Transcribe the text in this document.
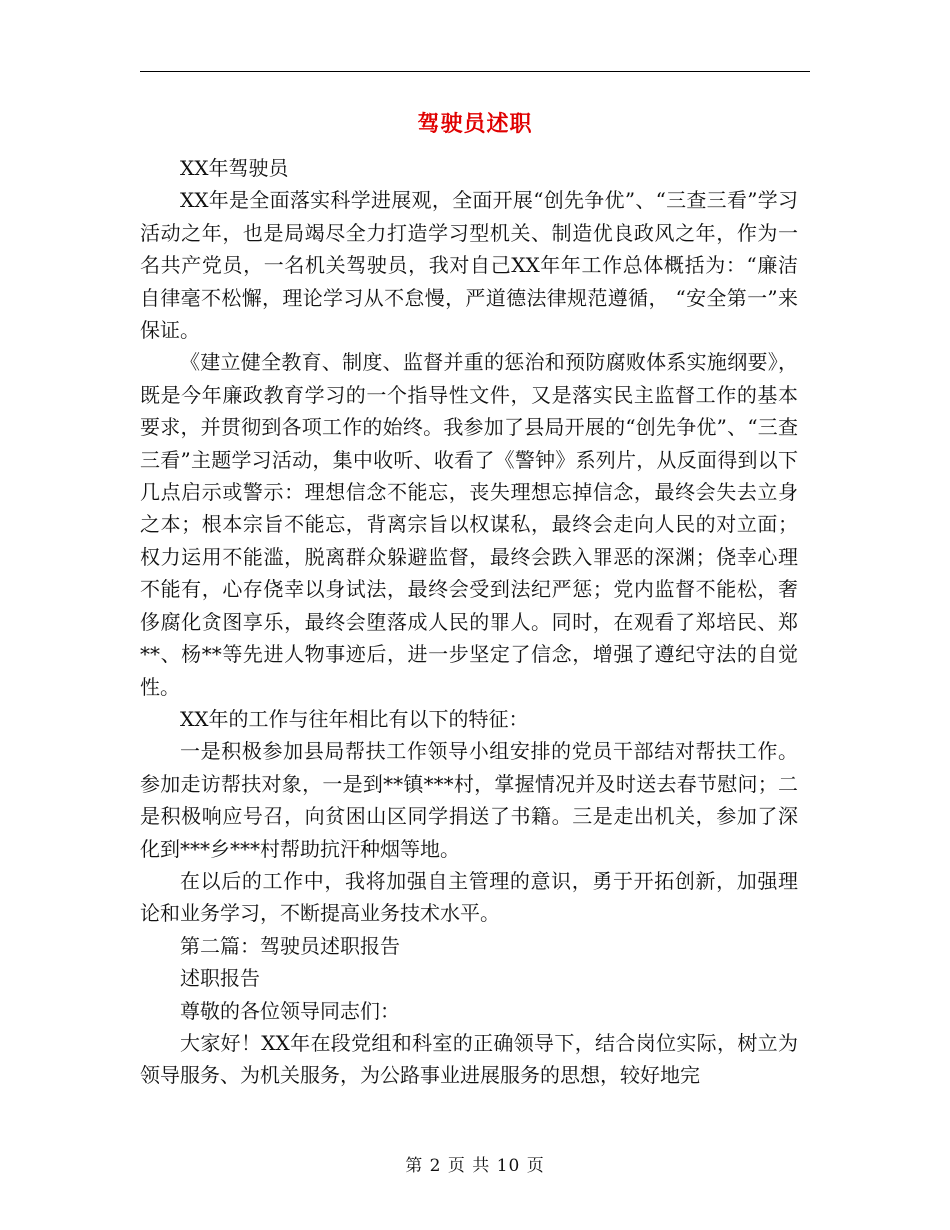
驾驶员述职

XX年驾驶员

XX年是全面落实科学进展观，全面开展“创先争优”、“三查三看”学习活动之年，也是局竭尽全力打造学习型机关、制造优良政风之年，作为一名共产党员，一名机关驾驶员，我对自己XX年年工作总体概括为：“廉洁自律毫不松懈，理论学习从不怠慢，严道德法律规范遵循， “安全第一”来保证。

《建立健全教育、制度、监督并重的惩治和预防腐败体系实施纲要》，既是今年廉政教育学习的一个指导性文件，又是落实民主监督工作的基本要求，并贯彻到各项工作的始终。我参加了县局开展的“创先争优”、“三查三看”主题学习活动，集中收听、收看了《警钟》系列片，从反面得到以下几点启示或警示：理想信念不能忘，丧失理想忘掉信念，最终会失去立身之本；根本宗旨不能忘，背离宗旨以权谋私，最终会走向人民的对立面；权力运用不能滥，脱离群众躲避监督，最终会跌入罪恶的深渊；侥幸心理不能有，心存侥幸以身试法，最终会受到法纪严惩；党内监督不能松，奢侈腐化贪图享乐，最终会堕落成人民的罪人。同时，在观看了郑培民、郑**、杨**等先进人物事迹后，进一步坚定了信念，增强了遵纪守法的自觉性。

XX年的工作与往年相比有以下的特征：

一是积极参加县局帮扶工作领导小组安排的党员干部结对帮扶工作。参加走访帮扶对象，一是到**镇***村，掌握情况并及时送去春节慰问；二是积极响应号召，向贫困山区同学捐送了书籍。三是走出机关，参加了深化到***乡***村帮助抗汗种烟等地。

在以后的工作中，我将加强自主管理的意识，勇于开拓创新，加强理论和业务学习，不断提高业务技术水平。

第二篇：驾驶员述职报告

述职报告

尊敬的各位领导同志们：

大家好！XX年在段党组和科室的正确领导下，结合岗位实际，树立为领导服务、为机关服务，为公路事业进展服务的思想，较好地完

第 2 页 共 10 页
